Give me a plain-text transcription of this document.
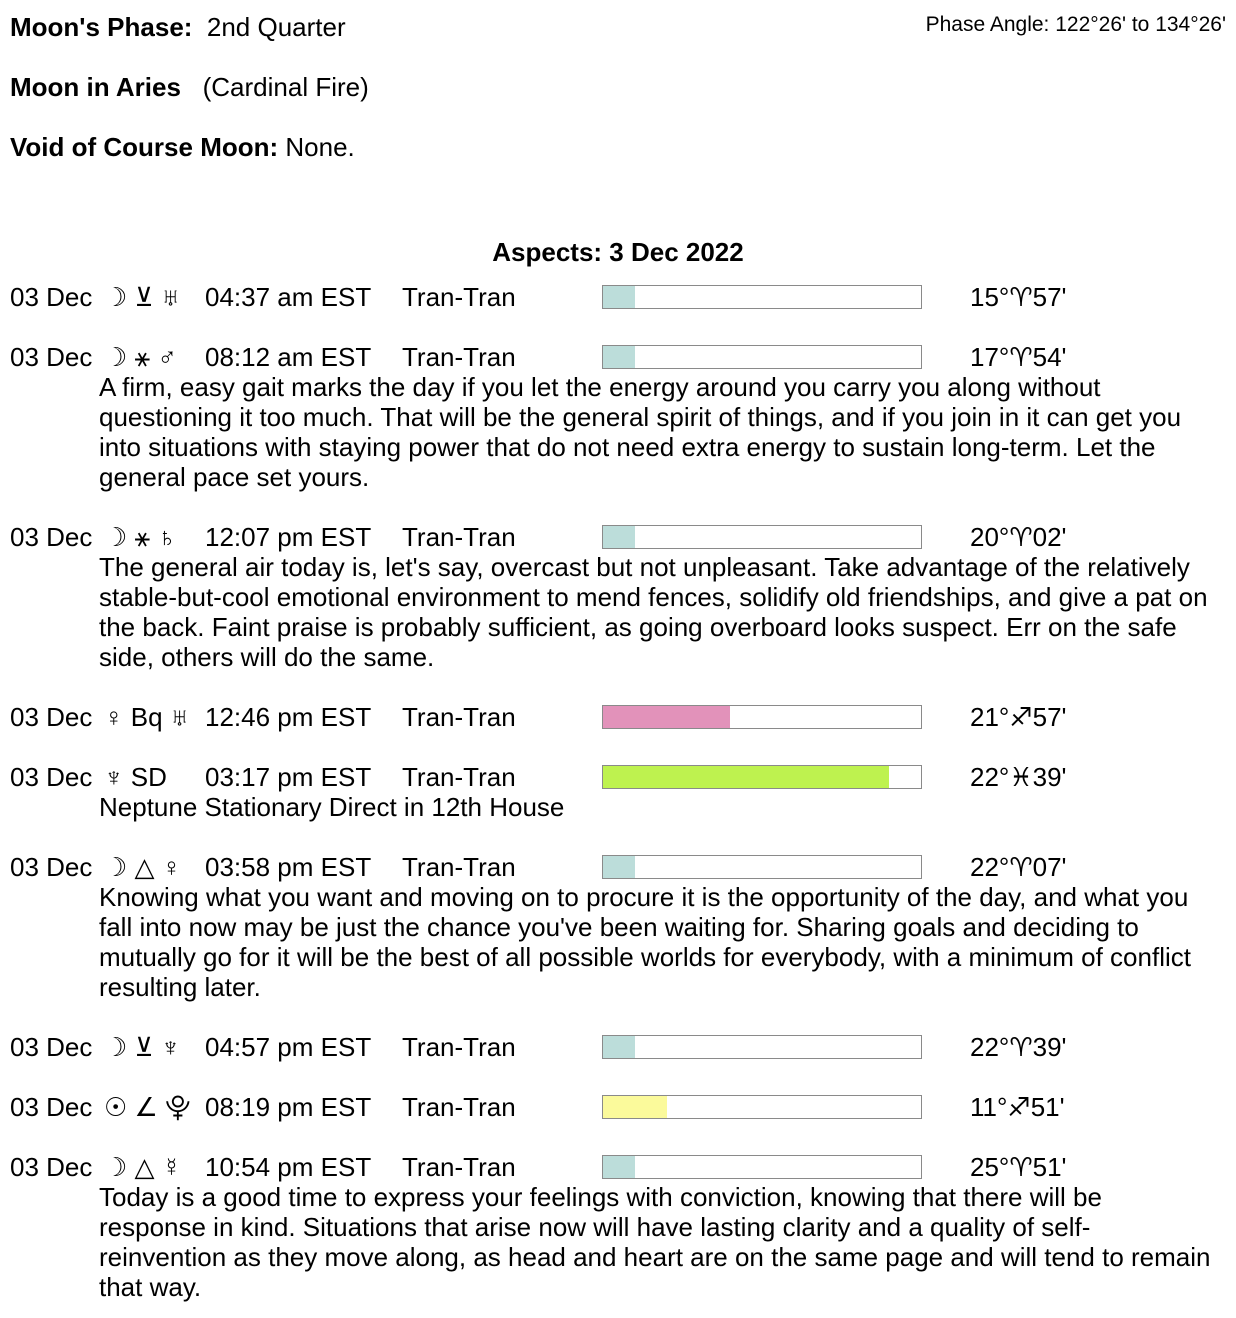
Moon's Phase: 2nd Quarter	Phase Angle: 122°26' to 134°26'
Moon in Aries (Cardinal Fire)
Void of Course Moon: None.
Aspects: 3 Dec 2022
03 Dec ☽ ⊻ ♅ 04:37 am EST Tran-Tran	15°♈57'
03 Dec ☽ ⚹ ♂ 08:12 am EST Tran-Tran	17°♈54'
A firm, easy gait marks the day if you let the energy around you carry you along without questioning it too much. That will be the general spirit of things, and if you join in it can get you into situations with staying power that do not need extra energy to sustain long-term. Let the general pace set yours.
03 Dec ☽ ⚹ ♄ 12:07 pm EST Tran-Tran	20°♈02'
The general air today is, let's say, overcast but not unpleasant. Take advantage of the relatively stable-but-cool emotional environment to mend fences, solidify old friendships, and give a pat on the back. Faint praise is probably sufficient, as going overboard looks suspect. Err on the safe side, others will do the same.
03 Dec ♀ Bq ♅ 12:46 pm EST Tran-Tran	21°♐57'
03 Dec ♆ SD 03:17 pm EST Tran-Tran	22°♓39'
Neptune Stationary Direct in 12th House
03 Dec ☽ △ ♀ 03:58 pm EST Tran-Tran	22°♈07'
Knowing what you want and moving on to procure it is the opportunity of the day, and what you fall into now may be just the chance you've been waiting for. Sharing goals and deciding to mutually go for it will be the best of all possible worlds for everybody, with a minimum of conflict resulting later.
03 Dec ☽ ⊻ ♆ 04:57 pm EST Tran-Tran	22°♈39'
03 Dec ☉ ∠ ⯓ 08:19 pm EST Tran-Tran	11°♐51'
03 Dec ☽ △ ☿ 10:54 pm EST Tran-Tran	25°♈51'
Today is a good time to express your feelings with conviction, knowing that there will be response in kind. Situations that arise now will have lasting clarity and a quality of self-reinvention as they move along, as head and heart are on the same page and will tend to remain that way.
